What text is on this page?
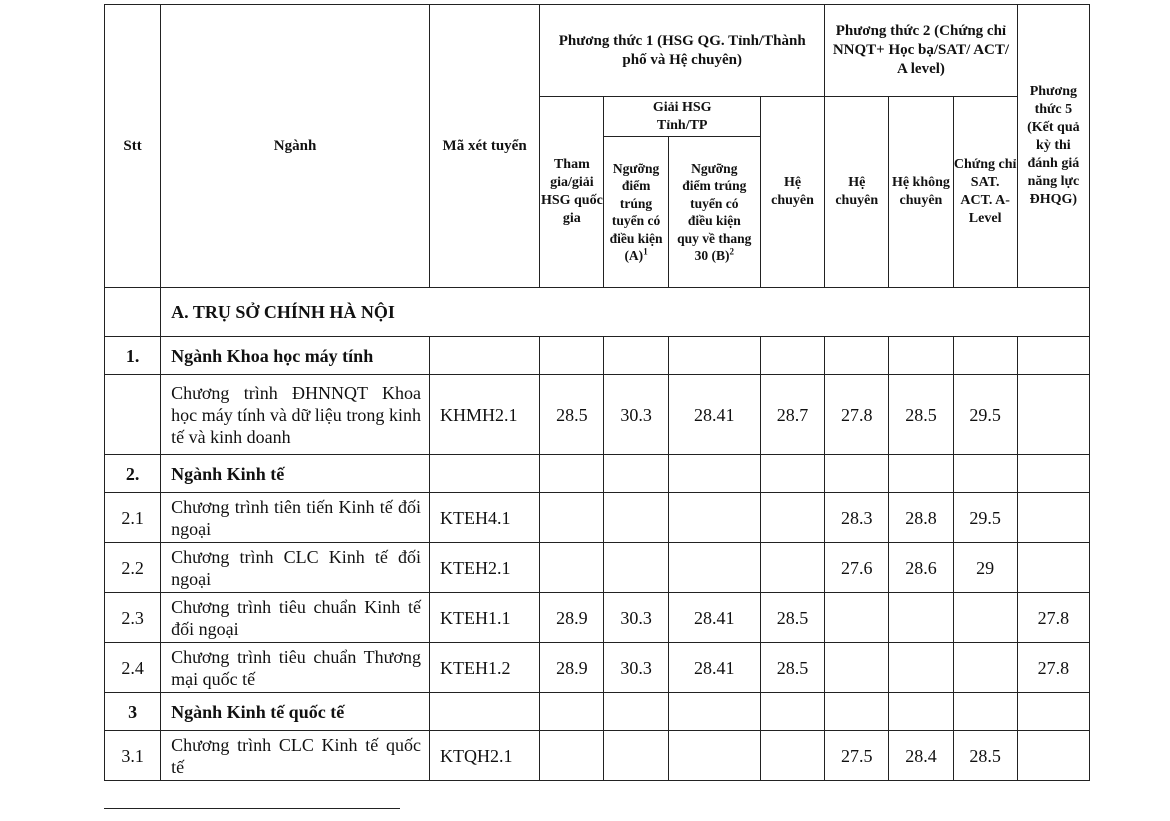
Stt	Ngành	Mã xét tuyển	Phương thức 1 (HSG QG. Tỉnh/Thành phố và Hệ chuyên)				Phương thức 2 (Chứng chỉ NNQT+ Học bạ/SAT/ ACT/ A level)			Phương thức 5 (Kết quả kỳ thi đánh giá năng lực ĐHQG)
			Tham gia/giải HSG quốc gia	Giải HSG Tỉnh/TP		Hệ chuyên	Hệ chuyên	Hệ không chuyên	Chứng chỉ SAT. ACT. A-Level	
				Ngưỡng điểm trúng tuyển có điều kiện $(A)^1$	Ngưỡng điểm trúng tuyển có điều kiện quy về thang 30 $(B)^2$
	A. TRỤ SỞ CHÍNH HÀ NỘI									
1.	Ngành Khoa học máy tính									
	Chương trình ĐHNNQT Khoa học máy tính và dữ liệu trong kinh tế và kinh doanh	KHMH2.1	28.5	30.3	28.41	28.7	27.8	28.5	29.5	
2.	Ngành Kinh tế									
2.1	Chương trình tiên tiến Kinh tế đối ngoại	KTEH4.1					28.3	28.8	29.5	
2.2	Chương trình CLC Kinh tế đối ngoại	KTEH2.1					27.6	28.6	29	
2.3	Chương trình tiêu chuẩn Kinh tế đối ngoại	KTEH1.1	28.9	30.3	28.41	28.5				27.8
2.4	Chương trình tiêu chuẩn Thương mại quốc tế	KTEH1.2	28.9	30.3	28.41	28.5				27.8
3	Ngành Kinh tế quốc tế									
3.1	Chương trình CLC Kinh tế quốc tế	KTQH2.1					27.5	28.4	28.5	
